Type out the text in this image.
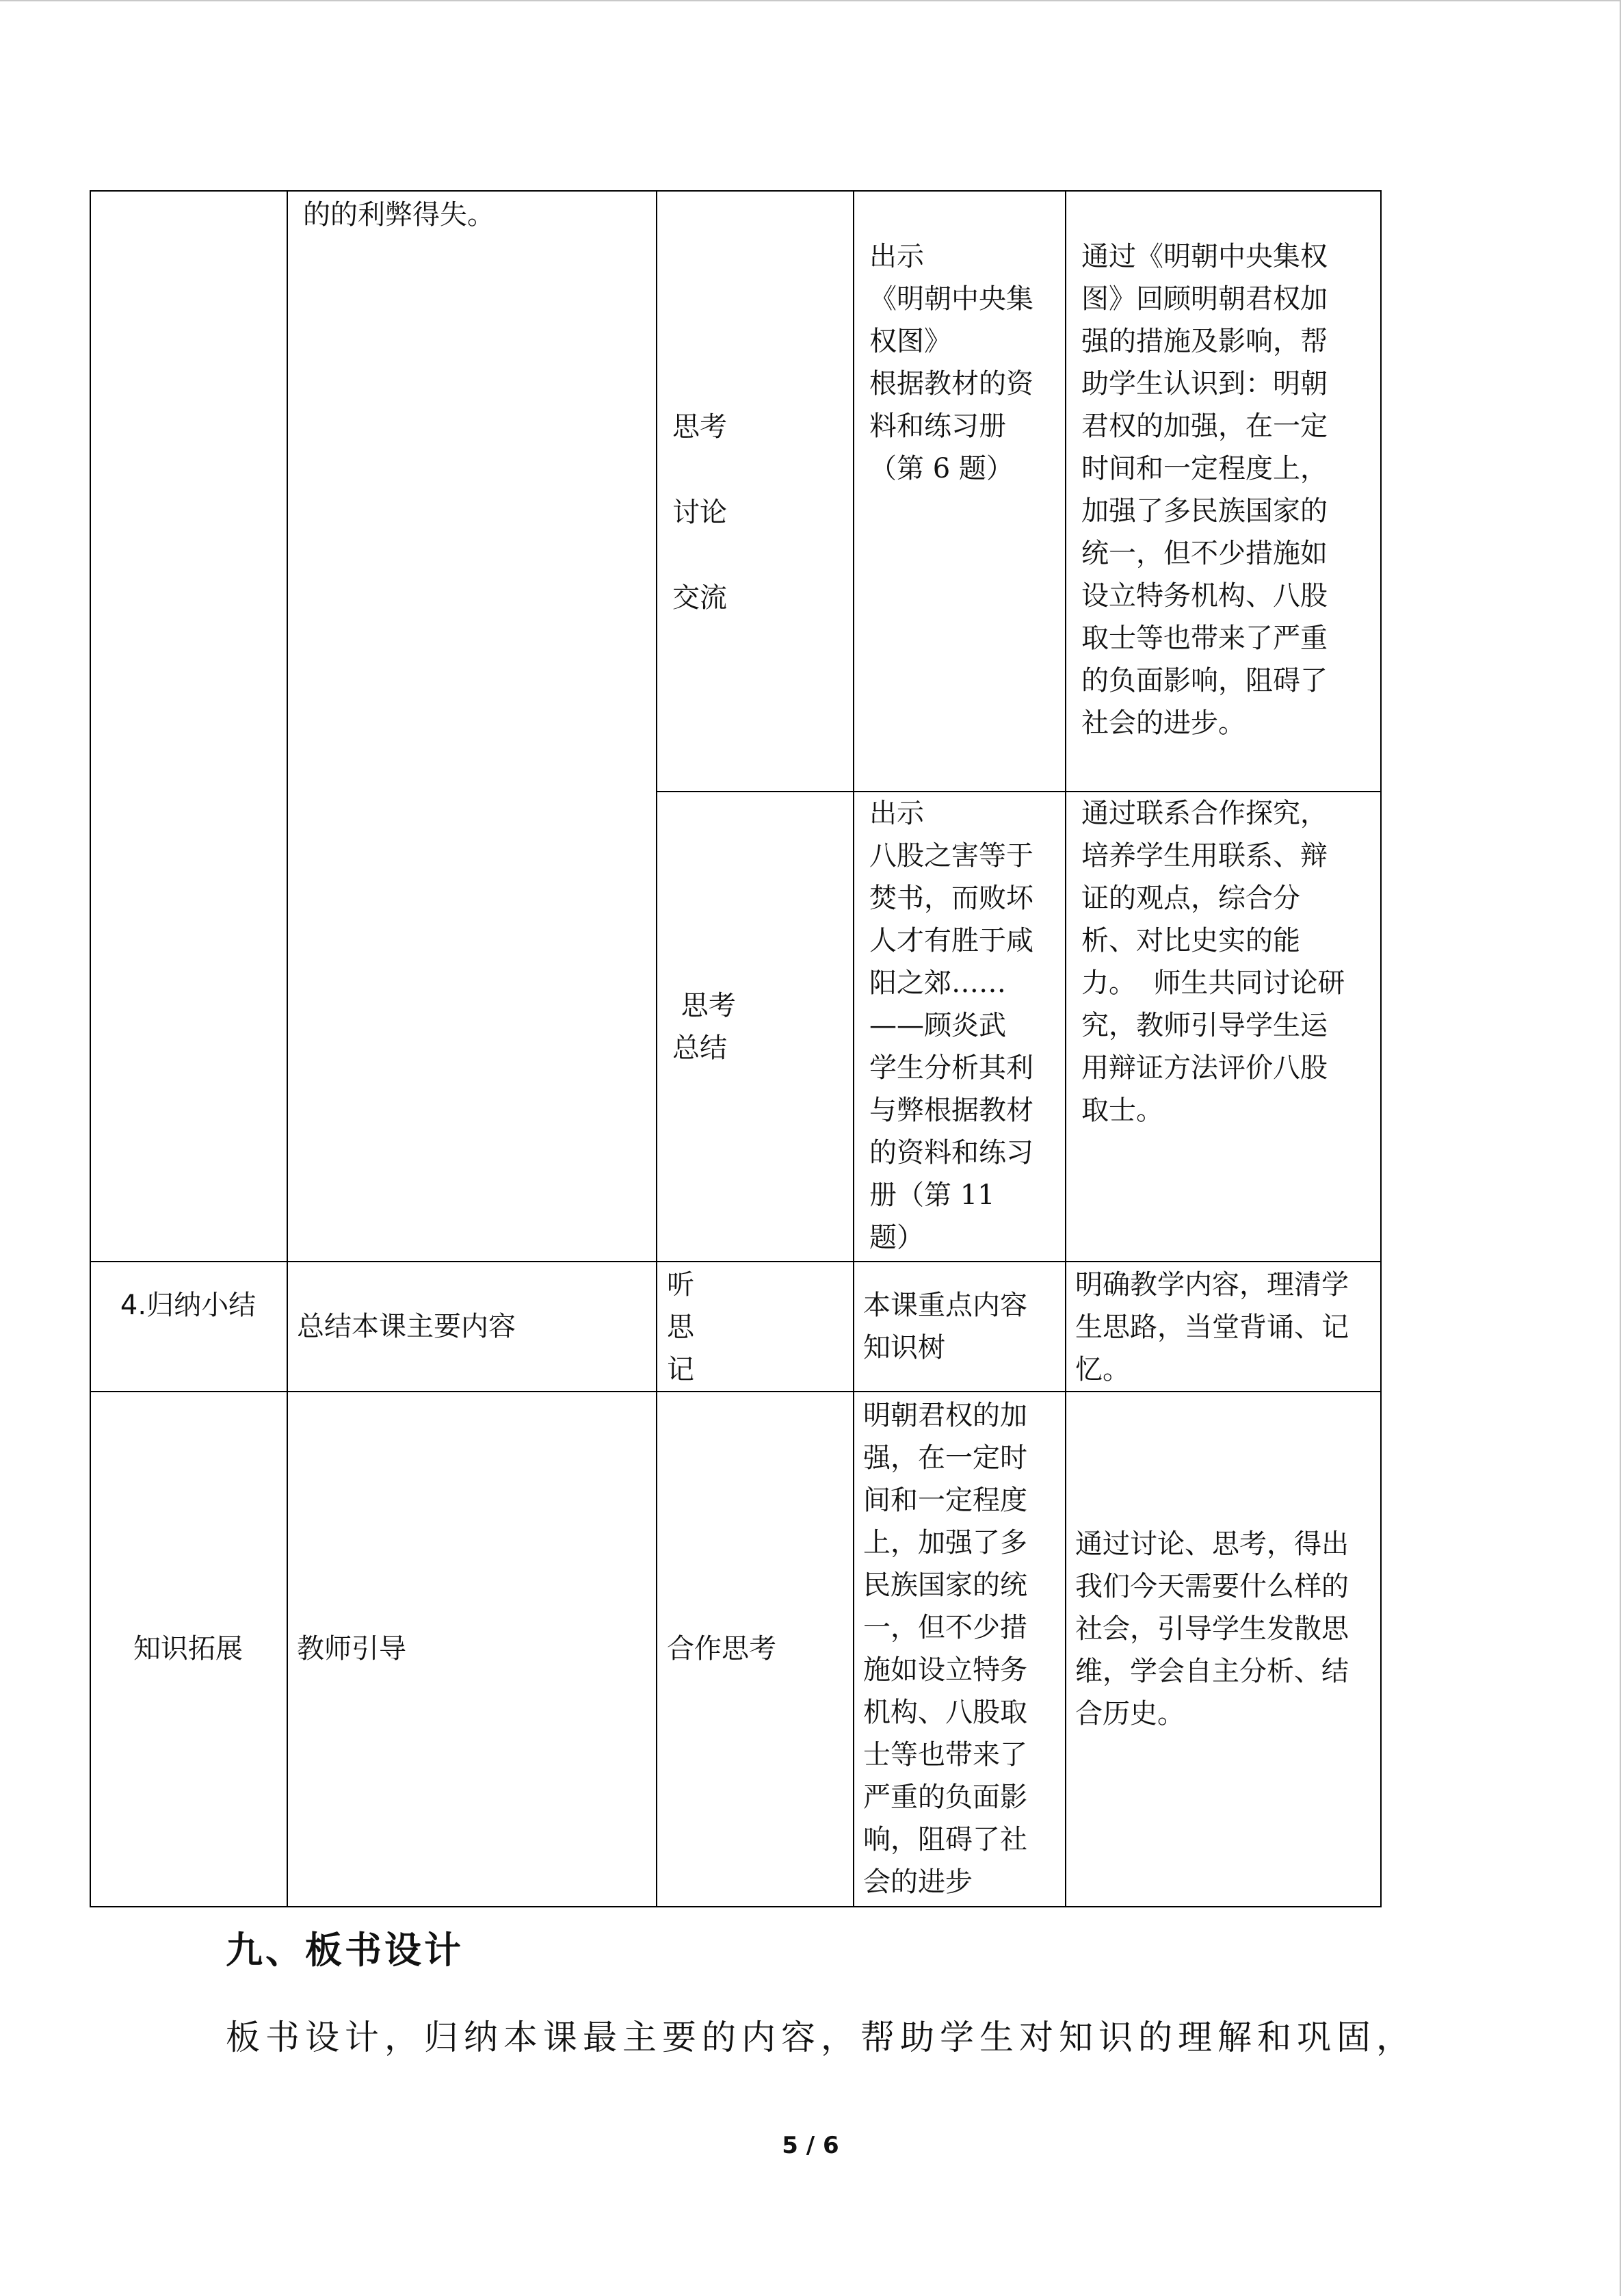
的的利弊得失。
思考
讨论
交流
出示
《明朝中央集
权图》
根据教材的资
料和练习册
（第 6 题）
通过《明朝中央集权
图》回顾明朝君权加
强的措施及影响，帮
助学生认识到：明朝
君权的加强，在一定
时间和一定程度上，
加强了多民族国家的
统一，但不少措施如
设立特务机构、八股
取士等也带来了严重
的负面影响，阻碍了
社会的进步。
思考
总结
出示
八股之害等于
焚书，而败坏
人才有胜于咸
阳之郊……
——顾炎武
学生分析其利
与弊根据教材
的资料和练习
册（第 11
题）
通过联系合作探究，
培养学生用联系、辩
证的观点，综合分
析、对比史实的能
力。  师生共同讨论研
究，教师引导学生运
用辩证方法评价八股
取士。
4.归纳小结
总结本课主要内容
听
思
记
本课重点内容
知识树
明确教学内容，理清学
生思路，当堂背诵、记
忆。
知识拓展	教师引导	合作思考
明朝君权的加
强，在一定时
间和一定程度
上，加强了多
民族国家的统
一，但不少措
施如设立特务
机构、八股取
士等也带来了
严重的负面影
响，阻碍了社
会的进步
通过讨论、思考，得出
我们今天需要什么样的
社会，引导学生发散思
维，学会自主分析、结
合历史。
九、板书设计
板书设计，归纳本课最主要的内容，帮助学生对知识的理解和巩固，
5 / 6
